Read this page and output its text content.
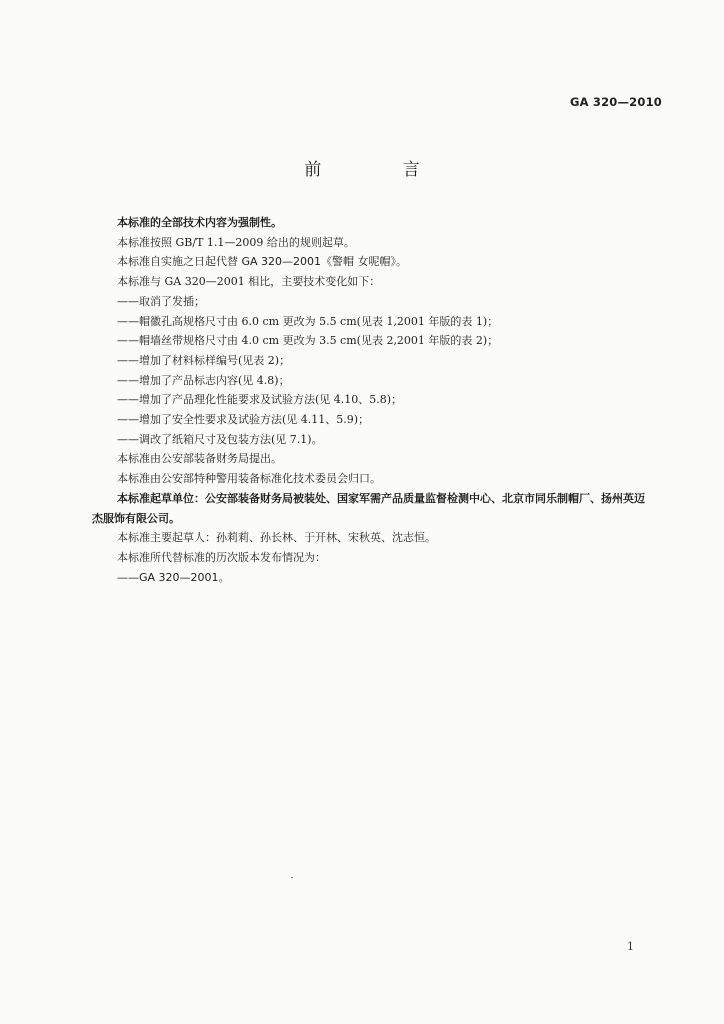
GA 320—2010
前 言

本标准的全部技术内容为强制性。

本标准按照 GB/T 1.1—2009 给出的规则起草。

本标准自实施之日起代替 GA 320—2001《警帽 女呢帽》。

本标准与 GA 320—2001 相比，主要技术变化如下：

——取消了发插；

——帽徽孔高规格尺寸由 6.0 cm 更改为 5.5 cm(见表 1,2001 年版的表 1)；

——帽墙丝带规格尺寸由 4.0 cm 更改为 3.5 cm(见表 2,2001 年版的表 2)；

——增加了材料标样编号(见表 2)；

——增加了产品标志内容(见 4.8)；

——增加了产品理化性能要求及试验方法(见 4.10、5.8)；

——增加了安全性要求及试验方法(见 4.11、5.9)；

——调改了纸箱尺寸及包装方法(见 7.1)。

本标准由公安部装备财务局提出。

本标准由公安部特种警用装备标准化技术委员会归口。

本标准起草单位：公安部装备财务局被装处、国家军需产品质量监督检测中心、北京市同乐制帽厂、扬州英迈杰服饰有限公司。

本标准主要起草人：孙莉莉、孙长林、于开林、宋秋英、沈志恒。

本标准所代替标准的历次版本发布情况为：

——GA 320—2001。

1
